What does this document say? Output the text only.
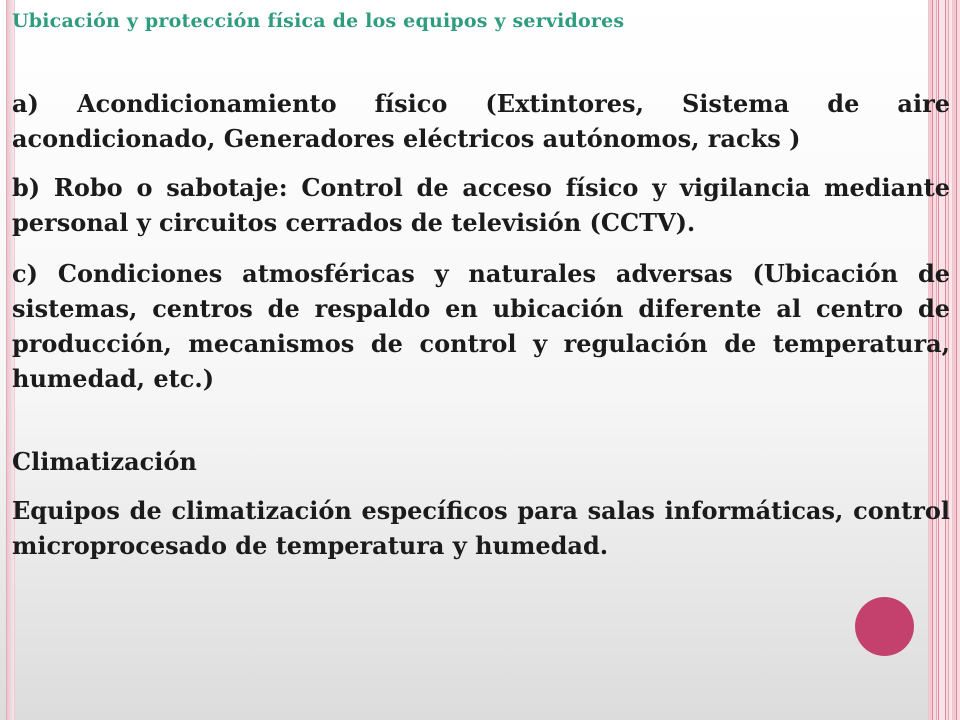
Ubicación y protección física de los equipos y servidores

a) Acondicionamiento físico (Extintores, Sistema de aire acondicionado, Generadores eléctricos autónomos, racks )

b) Robo o sabotaje: Control de acceso físico y vigilancia mediante personal y circuitos cerrados de televisión (CCTV).

c) Condiciones atmosféricas y naturales adversas (Ubicación de sistemas, centros de respaldo en ubicación diferente al centro de producción, mecanismos de control y regulación de temperatura, humedad, etc.)

Climatización

Equipos de climatización específicos para salas informáticas, control microprocesado de temperatura y humedad.
